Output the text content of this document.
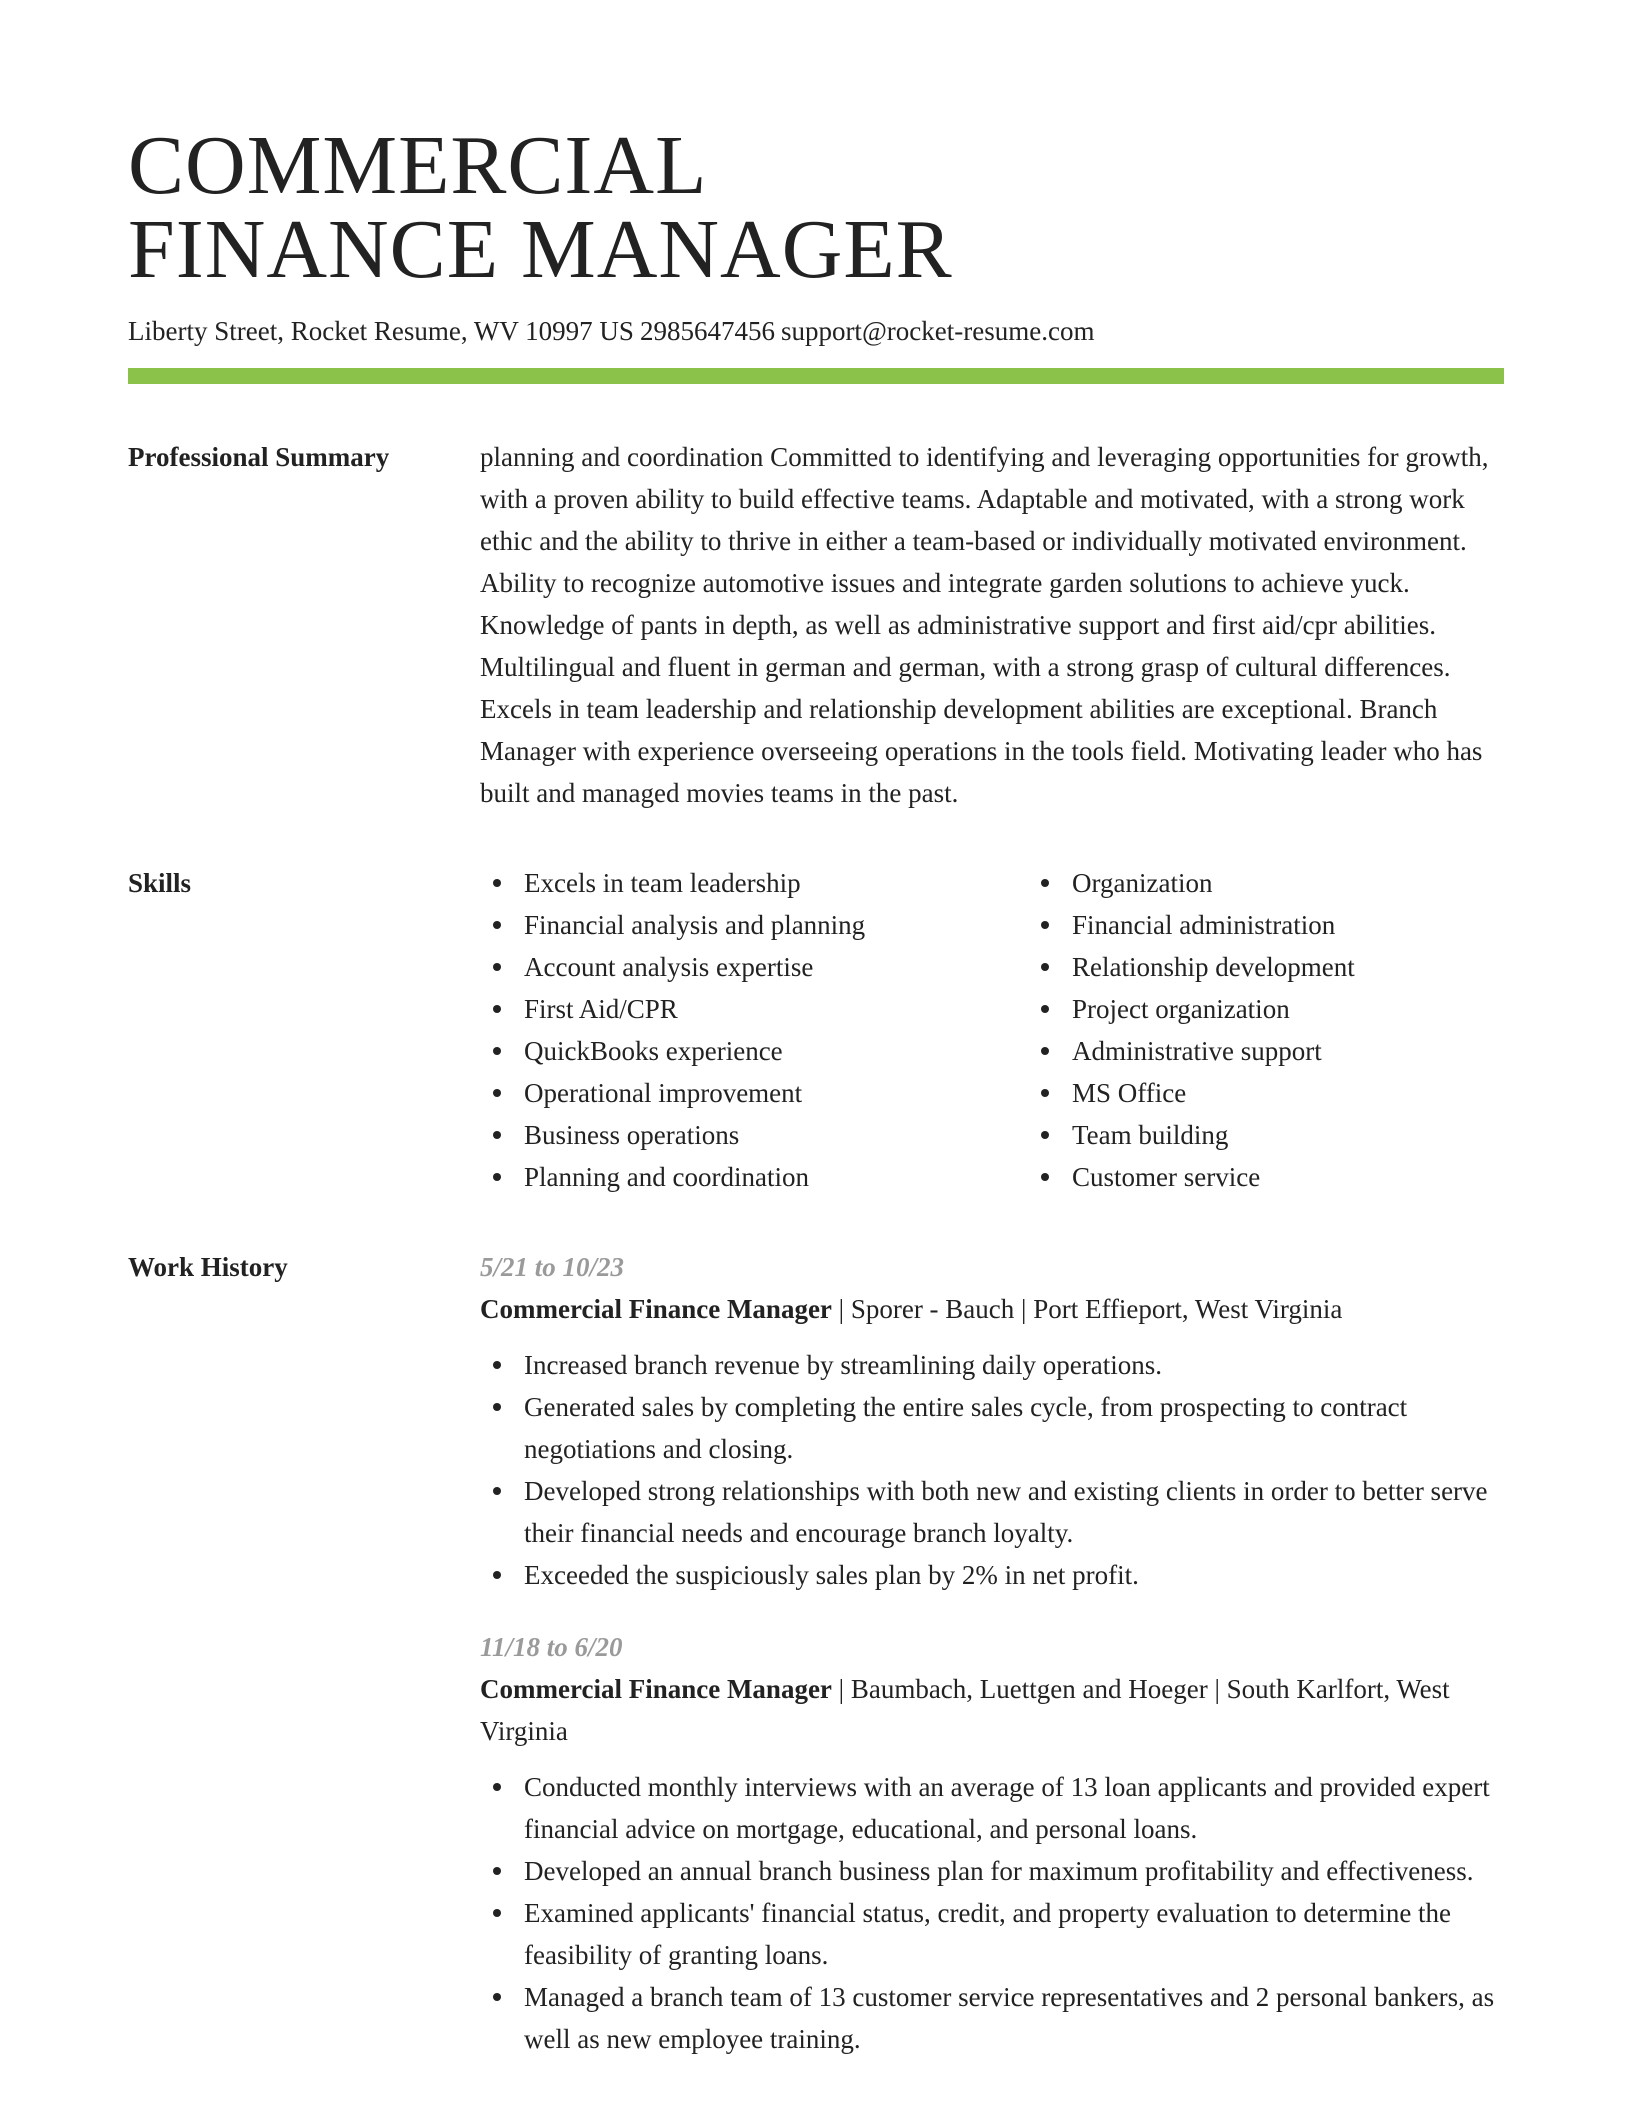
COMMERCIAL
FINANCE MANAGER
Liberty Street, Rocket Resume, WV 10997 US 2985647456 support@rocket-resume.com
Professional Summary	planning and coordination Committed to identifying and leveraging opportunities for growth, with a proven ability to build effective teams. Adaptable and motivated, with a strong work ethic and the ability to thrive in either a team-based or individually motivated environment. Ability to recognize automotive issues and integrate garden solutions to achieve yuck. Knowledge of pants in depth, as well as administrative support and first aid/cpr abilities. Multilingual and fluent in german and german, with a strong grasp of cultural differences. Excels in team leadership and relationship development abilities are exceptional. Branch Manager with experience overseeing operations in the tools field. Motivating leader who has built and managed movies teams in the past.

Skills	Excels in team leadership
Financial analysis and planning
Account analysis expertise
First Aid/CPR
QuickBooks experience
Operational improvement
Business operations
Planning and coordination
Organization
Financial administration
Relationship development
Project organization
Administrative support
MS Office
Team building
Customer service
Work History	5/21 to 10/23
Commercial Finance Manager | Sporer - Bauch | Port Effieport, West Virginia
Increased branch revenue by streamlining daily operations.
Generated sales by completing the entire sales cycle, from prospecting to contract negotiations and closing.
Developed strong relationships with both new and existing clients in order to better serve their financial needs and encourage branch loyalty.
Exceeded the suspiciously sales plan by 2% in net profit.
11/18 to 6/20
Commercial Finance Manager | Baumbach, Luettgen and Hoeger | South Karlfort, West Virginia
Conducted monthly interviews with an average of 13 loan applicants and provided expert financial advice on mortgage, educational, and personal loans.
Developed an annual branch business plan for maximum profitability and effectiveness.
Examined applicants' financial status, credit, and property evaluation to determine the feasibility of granting loans.
Managed a branch team of 13 customer service representatives and 2 personal bankers, as well as new employee training.
